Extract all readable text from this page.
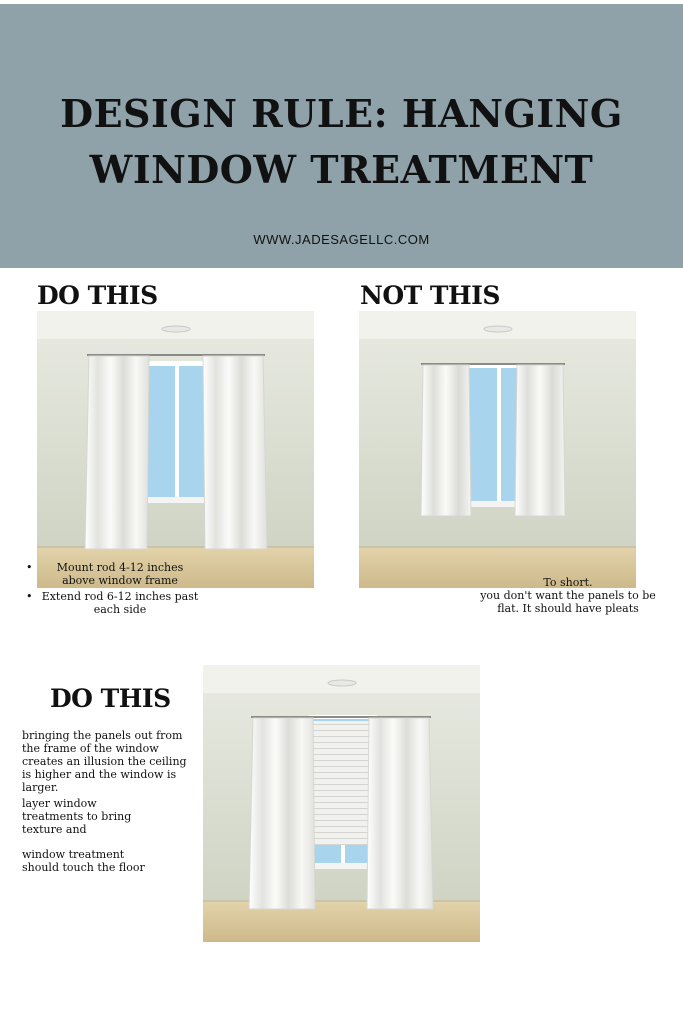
DESIGN RULE: HANGING
WINDOW TREATMENT
WWW.JADESAGELLC.COM
DO THIS
• Mount rod 4-12 inches above window frame
• Extend rod 6-12 inches past each side
NOT THIS
To short.
you don't want the panels to be
flat. It should have pleats
DO THIS
bringing the panels out from the frame of the window creates an illusion the ceiling is higher and the window is larger.
layer window treatments to bring texture and
window treatment should touch the floor
